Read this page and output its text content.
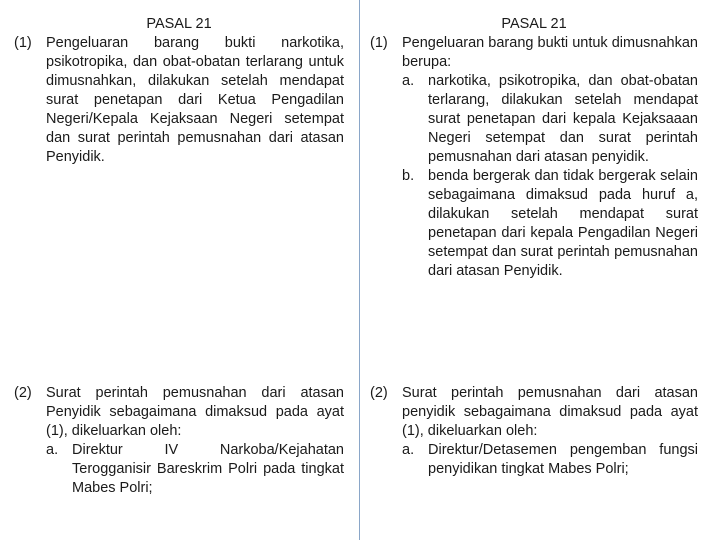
PASAL 21

(1) Pengeluaran barang bukti narkotika, psikotropika, dan obat-obatan terlarang untuk dimusnahkan, dilakukan setelah mendapat surat penetapan dari Ketua Pengadilan Negeri/Kepala Kejaksaan Negeri setempat dan surat perintah pemusnahan dari atasan Penyidik.
(2) Surat perintah pemusnahan dari atasan Penyidik sebagaimana dimaksud pada ayat (1), dikeluarkan oleh:
a. Direktur IV Narkoba/Kejahatan Terogganisir Bareskrim Polri pada tingkat Mabes Polri;

PASAL 21

(1) Pengeluaran barang bukti untuk dimusnahkan berupa:
a. narkotika, psikotropika, dan obat-obatan terlarang, dilakukan setelah mendapat surat penetapan dari kepala Kejaksaaan Negeri setempat dan surat perintah pemusnahan dari atasan penyidik.
b. benda bergerak dan tidak bergerak selain sebagaimana dimaksud pada huruf a, dilakukan setelah mendapat surat penetapan dari kepala Pengadilan Negeri setempat dan surat perintah pemusnahan dari atasan Penyidik.
(2) Surat perintah pemusnahan dari atasan penyidik sebagaimana dimaksud pada ayat (1), dikeluarkan oleh:
a. Direktur/Detasemen pengemban fungsi penyidikan tingkat Mabes Polri;
